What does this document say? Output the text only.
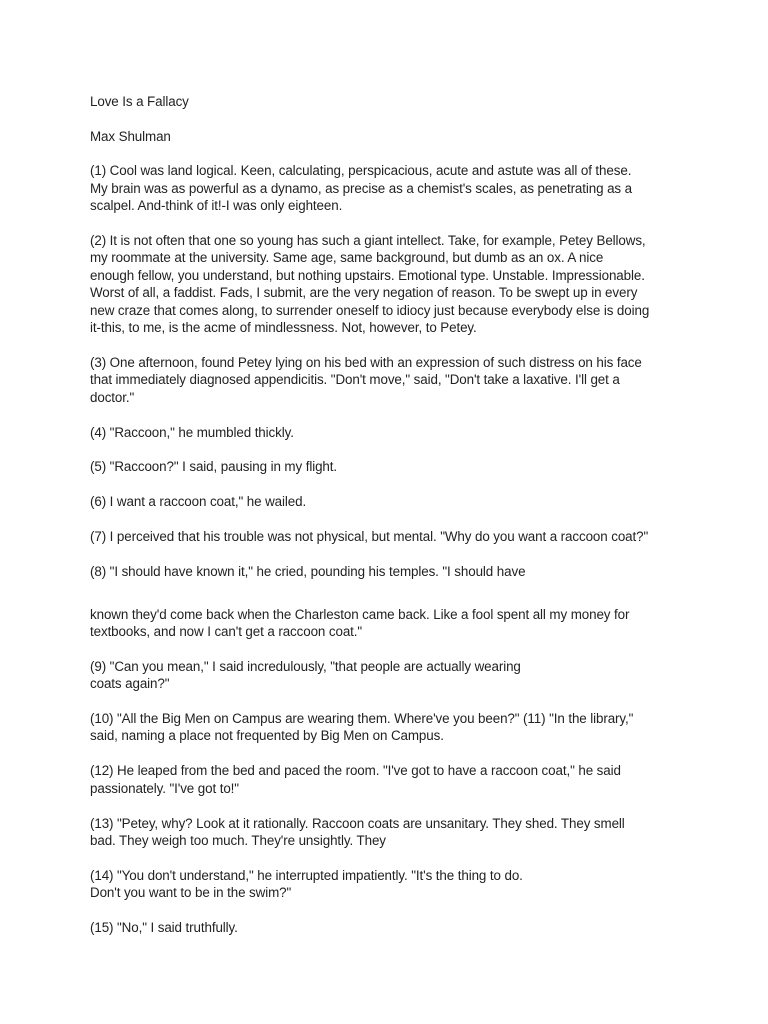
Love Is a Fallacy
Max Shulman
(1) Cool was land logical. Keen, calculating, perspicacious, acute and astute was all of these.
My brain was as powerful as a dynamo, as precise as a chemist's scales, as penetrating as a
scalpel. And-think of it!-I was only eighteen.
(2) It is not often that one so young has such a giant intellect. Take, for example, Petey Bellows,
my roommate at the university. Same age, same background, but dumb as an ox. A nice
enough fellow, you understand, but nothing upstairs. Emotional type. Unstable. Impressionable.
Worst of all, a faddist. Fads, I submit, are the very negation of reason. To be swept up in every
new craze that comes along, to surrender oneself to idiocy just because everybody else is doing
it-this, to me, is the acme of mindlessness. Not, however, to Petey.
(3) One afternoon, found Petey lying on his bed with an expression of such distress on his face
that immediately diagnosed appendicitis. "Don't move," said, "Don't take a laxative. I'll get a
doctor."
(4) "Raccoon," he mumbled thickly.
(5) "Raccoon?" I said, pausing in my flight.
(6) I want a raccoon coat," he wailed.
(7) I perceived that his trouble was not physical, but mental. "Why do you want a raccoon coat?"
(8) "I should have known it," he cried, pounding his temples. "I should have
known they'd come back when the Charleston came back. Like a fool spent all my money for
textbooks, and now I can't get a raccoon coat."
(9) "Can you mean," I said incredulously, "that people are actually wearing
coats again?"
(10) "All the Big Men on Campus are wearing them. Where've you been?" (11) "In the library,"
said, naming a place not frequented by Big Men on Campus.
(12) He leaped from the bed and paced the room. "I've got to have a raccoon coat," he said
passionately. "I've got to!"
(13) "Petey, why? Look at it rationally. Raccoon coats are unsanitary. They shed. They smell
bad. They weigh too much. They're unsightly. They
(14) "You don't understand," he interrupted impatiently. "It's the thing to do.
Don't you want to be in the swim?"
(15) "No," I said truthfully.
